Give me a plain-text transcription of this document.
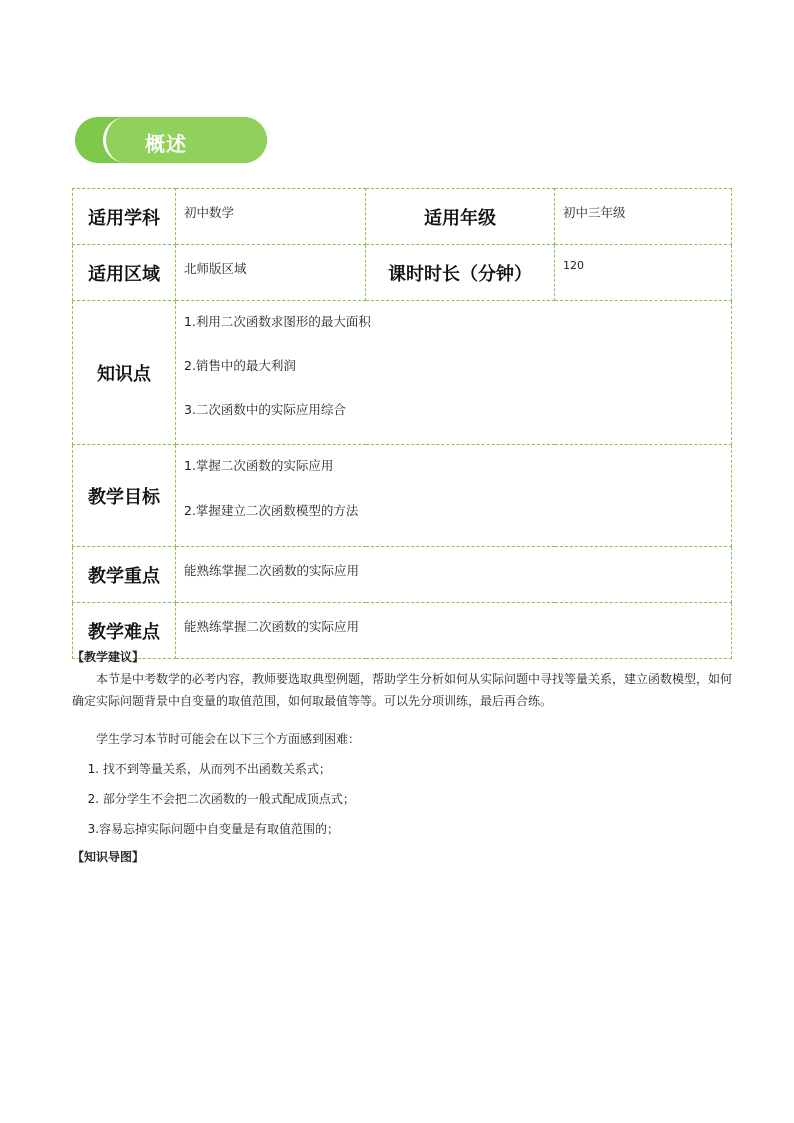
概述
适用学科	初中数学	适用年级	初中三年级
适用区域	北师版区域	课时时长（分钟）	120
知识点	1.利用二次函数求图形的最大面积
2.销售中的最大利润
3.二次函数中的实际应用综合		

教学目标	1.掌握二次函数的实际应用
2.掌握建立二次函数模型的方法		

教学重点	能熟练掌握二次函数的实际应用		
教学难点	能熟练掌握二次函数的实际应用		
【教学建议】
本节是中考数学的必考内容，教师要选取典型例题，帮助学生分析如何从实际问题中寻找等量关系，建立函数模型，如何确定实际问题背景中自变量的取值范围，如何取最值等等。可以先分项训练，最后再合练。
学生学习本节时可能会在以下三个方面感到困难：
1. 找不到等量关系，从而列不出函数关系式；
2. 部分学生不会把二次函数的一般式配成顶点式；
3.容易忘掉实际问题中自变量是有取值范围的；
【知识导图】
